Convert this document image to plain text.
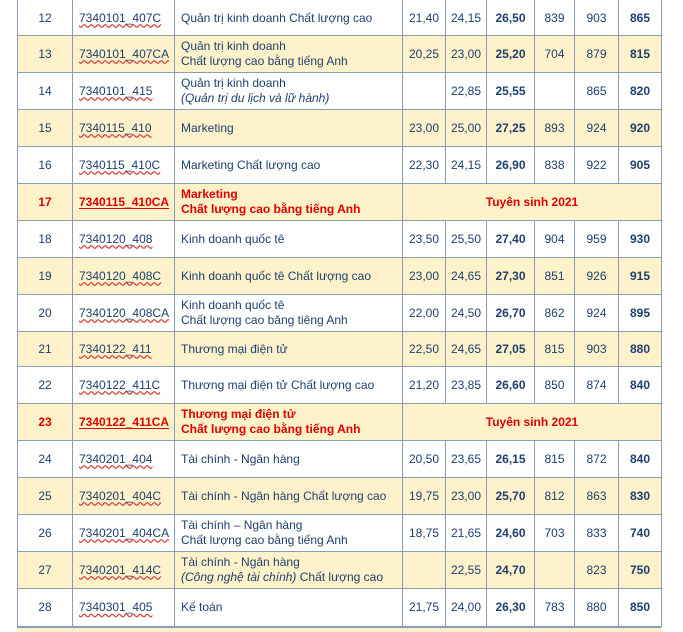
12	7340101_407C	Quản trị kinh doanh Chất lượng cao	21,40	24,15	26,50	839	903	865
13	7340101_407CA	Quản trị kinh doanh
Chất lượng cao bằng tiếng Anh	20,25	23,00	25,20	704	879	815
14	7340101_415	Quản trị kinh doanh
(Quản trị du lịch và lữ hành)		22,85	25,55		865	820
15	7340115_410	Marketing	23,00	25,00	27,25	893	924	920
16	7340115_410C	Marketing Chất lượng cao	22,30	24,15	26,90	838	922	905
17	7340115_410CA	Marketing
Chất lượng cao bằng tiếng Anh	Tuyên sinh 2021					
18	7340120_408	Kinh doanh quốc tê	23,50	25,50	27,40	904	959	930
19	7340120_408C	Kinh doanh quốc tê Chất lượng cao	23,00	24,65	27,30	851	926	915
20	7340120_408CA	Kinh doanh quốc tê
Chất lượng cao băng tiêng Anh	22,00	24,50	26,70	862	924	895
21	7340122_411	Thương mại điện tử	22,50	24,65	27,05	815	903	880
22	7340122_411C	Thương mại điện tử Chất lượng cao	21,20	23,85	26,60	850	874	840
23	7340122_411CA	Thương mại điện tử
Chất lượng cao bằng tiếng Anh	Tuyên sinh 2021					
24	7340201_404	Tài chính - Ngân hàng	20,50	23,65	26,15	815	872	840
25	7340201_404C	Tài chính - Ngân hàng Chất lượng cao	19,75	23,00	25,70	812	863	830
26	7340201_404CA	Tài chính – Ngân hàng
Chất lượng cao bằng tiếng Anh	18,75	21,65	24,60	703	833	740
27	7340201_414C	Tài chính - Ngân hàng
(Công nghệ tài chính) Chất lượng cao		22,55	24,70		823	750
28	7340301_405	Kế toán	21,75	24,00	26,30	783	880	850
